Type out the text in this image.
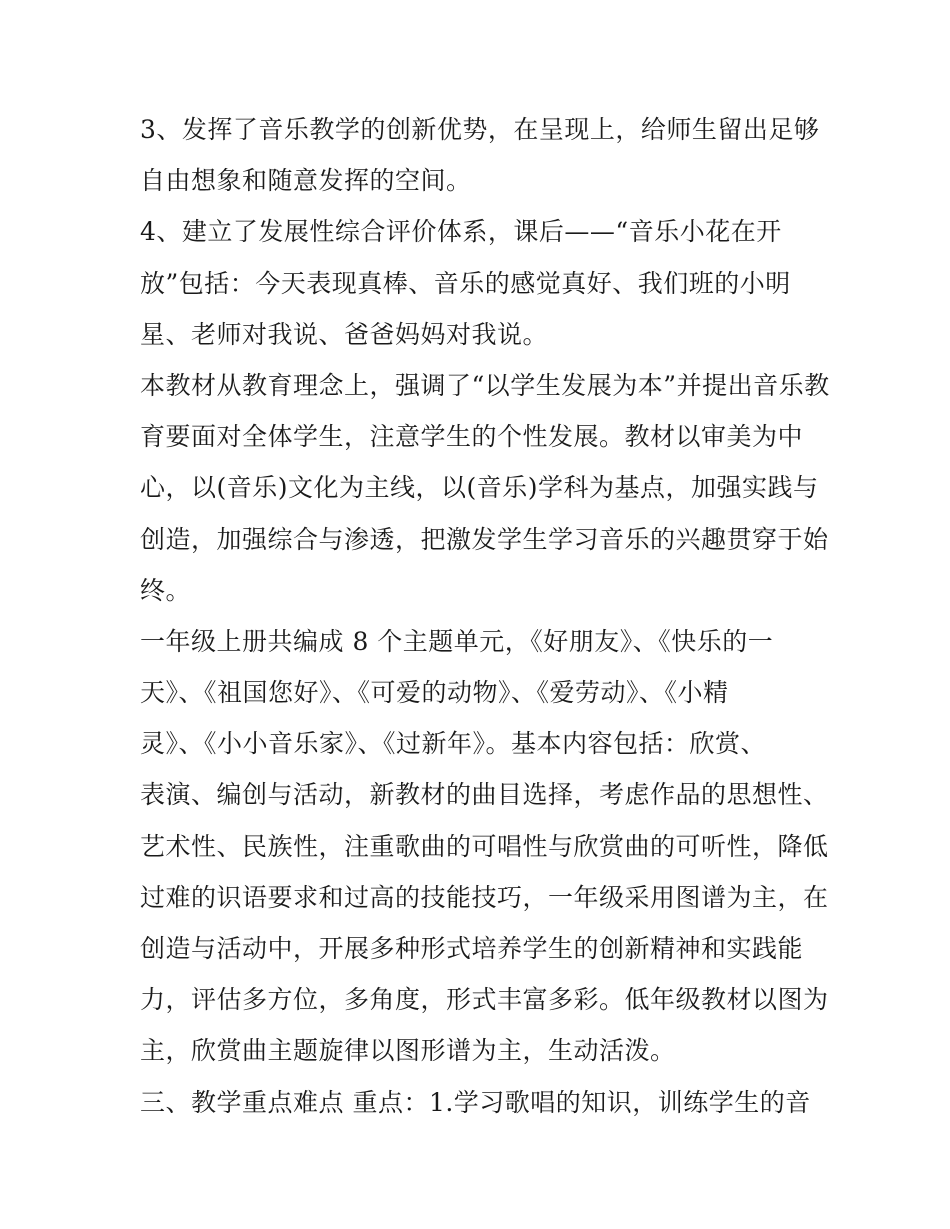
3、发挥了音乐教学的创新优势，在呈现上，给师生留出足够
自由想象和随意发挥的空间。
4、建立了发展性综合评价体系，课后——“音乐小花在开
放”包括：今天表现真棒、音乐的感觉真好、我们班的小明
星、老师对我说、爸爸妈妈对我说。
本教材从教育理念上，强调了“以学生发展为本”并提出音乐教
育要面对全体学生，注意学生的个性发展。教材以审美为中
心，以(音乐)文化为主线，以(音乐)学科为基点，加强实践与
创造，加强综合与渗透，把激发学生学习音乐的兴趣贯穿于始
终。
一年级上册共编成 8 个主题单元，《好朋友》、《快乐的一
天》、《祖国您好》、《可爱的动物》、《爱劳动》、《小精
灵》、《小小音乐家》、《过新年》。基本内容包括：欣赏、
表演、编创与活动，新教材的曲目选择，考虑作品的思想性、
艺术性、民族性，注重歌曲的可唱性与欣赏曲的可听性，降低
过难的识语要求和过高的技能技巧，一年级采用图谱为主，在
创造与活动中，开展多种形式培养学生的创新精神和实践能
力，评估多方位，多角度，形式丰富多彩。低年级教材以图为
主，欣赏曲主题旋律以图形谱为主，生动活泼。
三、教学重点难点 重点：1.学习歌唱的知识，训练学生的音
